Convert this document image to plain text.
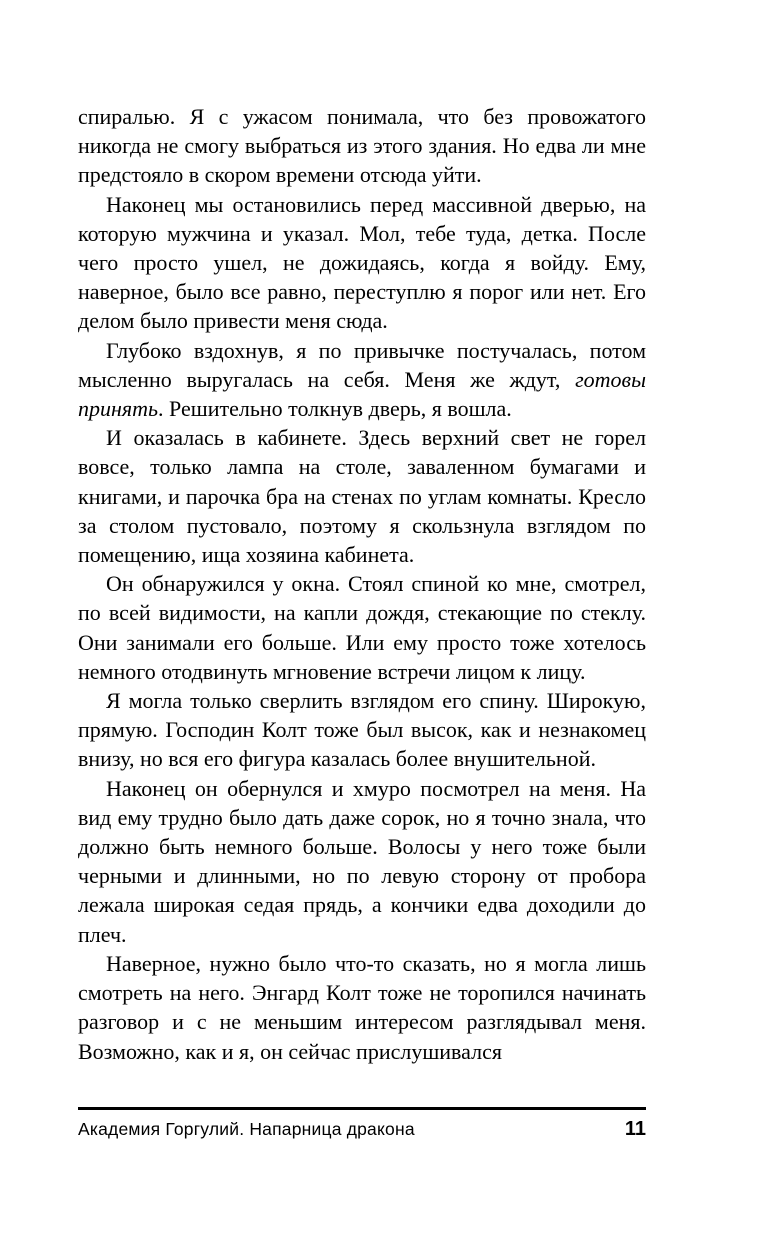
спиралью. Я с ужасом понимала, что без провожатого никогда не смогу выбраться из этого здания. Но едва ли мне предстояло в скором времени отсюда уйти.

Наконец мы остановились перед массивной дверью, на которую мужчина и указал. Мол, тебе туда, детка. После чего просто ушел, не дожидаясь, когда я войду. Ему, наверное, было все равно, переступлю я порог или нет. Его делом было привести меня сюда.

Глубоко вздохнув, я по привычке постучалась, потом мысленно выругалась на себя. Меня же ждут, готовы принять. Решительно толкнув дверь, я вошла.

И оказалась в кабинете. Здесь верхний свет не горел вовсе, только лампа на столе, заваленном бумагами и книгами, и парочка бра на стенах по углам комнаты. Кресло за столом пустовало, поэтому я скользнула взглядом по помещению, ища хозяина кабинета.

Он обнаружился у окна. Стоял спиной ко мне, смотрел, по всей видимости, на капли дождя, стекающие по стеклу. Они занимали его больше. Или ему просто тоже хотелось немного отодвинуть мгновение встречи лицом к лицу.

Я могла только сверлить взглядом его спину. Широкую, прямую. Господин Колт тоже был высок, как и незнакомец внизу, но вся его фигура казалась более внушительной.

Наконец он обернулся и хмуро посмотрел на меня. На вид ему трудно было дать даже сорок, но я точно знала, что должно быть немного больше. Волосы у него тоже были черными и длинными, но по левую сторону от пробора лежала широкая седая прядь, а кончики едва доходили до плеч.

Наверное, нужно было что-то сказать, но я могла лишь смотреть на него. Энгард Колт тоже не торопился начинать разговор и с не меньшим интересом разглядывал меня. Возможно, как и я, он сейчас прислушивался

Академия Горгулий. Напарница дракона	11
